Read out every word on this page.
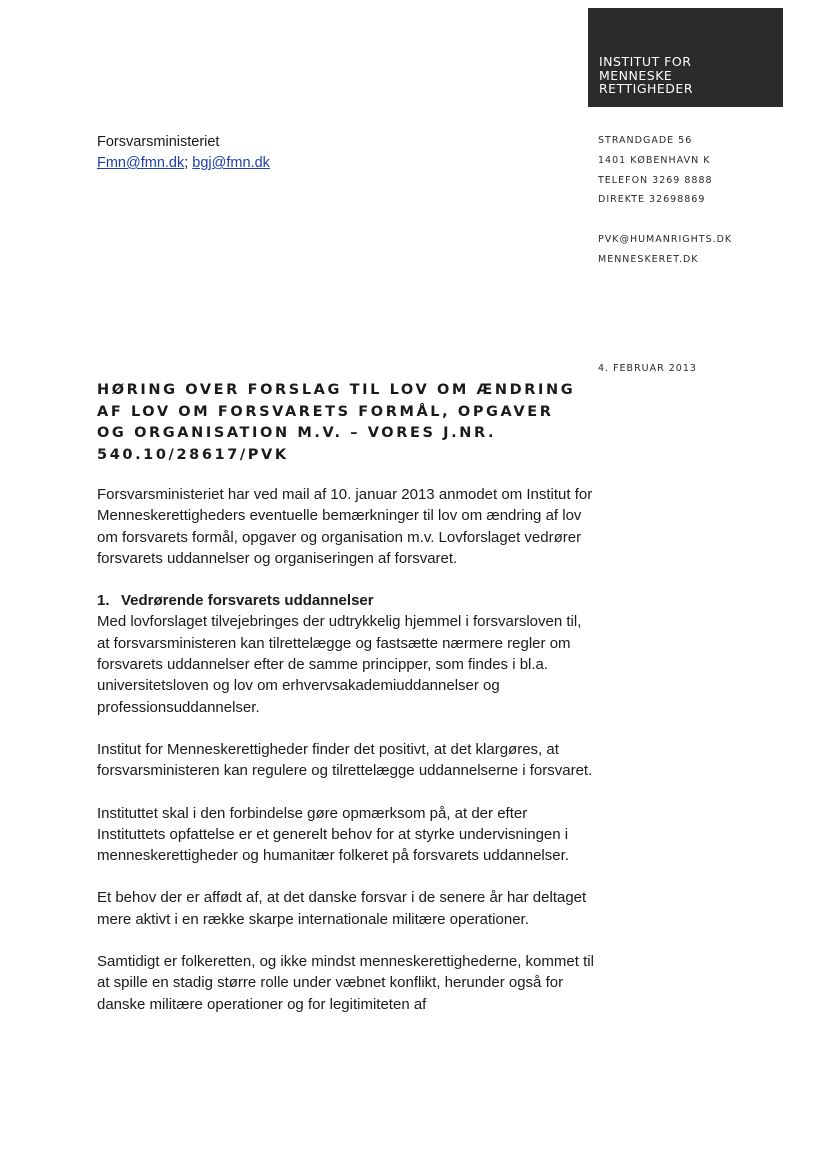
INSTITUT FOR
MENNESKE
RETTIGHEDER
Forsvarsministeriet
Fmn@fmn.dk; bgj@fmn.dk
STRANDGADE 56
1401 KØBENHAVN K
TELEFON 3269 8888
DIREKTE 32698869
PVK@HUMANRIGHTS.DK
MENNESKERET.DK
4. FEBRUAR 2013
HØRING OVER FORSLAG TIL LOV OM ÆNDRING AF LOV OM FORSVARETS FORMÅL, OPGAVER OG ORGANISATION M.V. – VORES J.NR. 540.10/28617/PVK

Forsvarsministeriet har ved mail af 10. januar 2013 anmodet om Institut for Menneskerettigheders eventuelle bemærkninger til lov om ændring af lov om forsvarets formål, opgaver og organisation m.v. Lovforslaget vedrører forsvarets uddannelser og organiseringen af forsvaret.

1. Vedrørende forsvarets uddannelser

Med lovforslaget tilvejebringes der udtrykkelig hjemmel i forsvarsloven til, at forsvarsministeren kan tilrettelægge og fastsætte nærmere regler om forsvarets uddannelser efter de samme principper, som findes i bl.a. universitetsloven og lov om erhvervsakademiuddannelser og professionsuddannelser.

Institut for Menneskerettigheder finder det positivt, at det klargøres, at forsvarsministeren kan regulere og tilrettelægge uddannelserne i forsvaret.

Instituttet skal i den forbindelse gøre opmærksom på, at der efter Instituttets opfattelse er et generelt behov for at styrke undervisningen i menneskerettigheder og humanitær folkeret på forsvarets uddannelser.

Et behov der er affødt af, at det danske forsvar i de senere år har deltaget mere aktivt i en række skarpe internationale militære operationer.

Samtidigt er folkeretten, og ikke mindst menneskerettighederne, kommet til at spille en stadig større rolle under væbnet konflikt, herunder også for danske militære operationer og for legitimiteten af
